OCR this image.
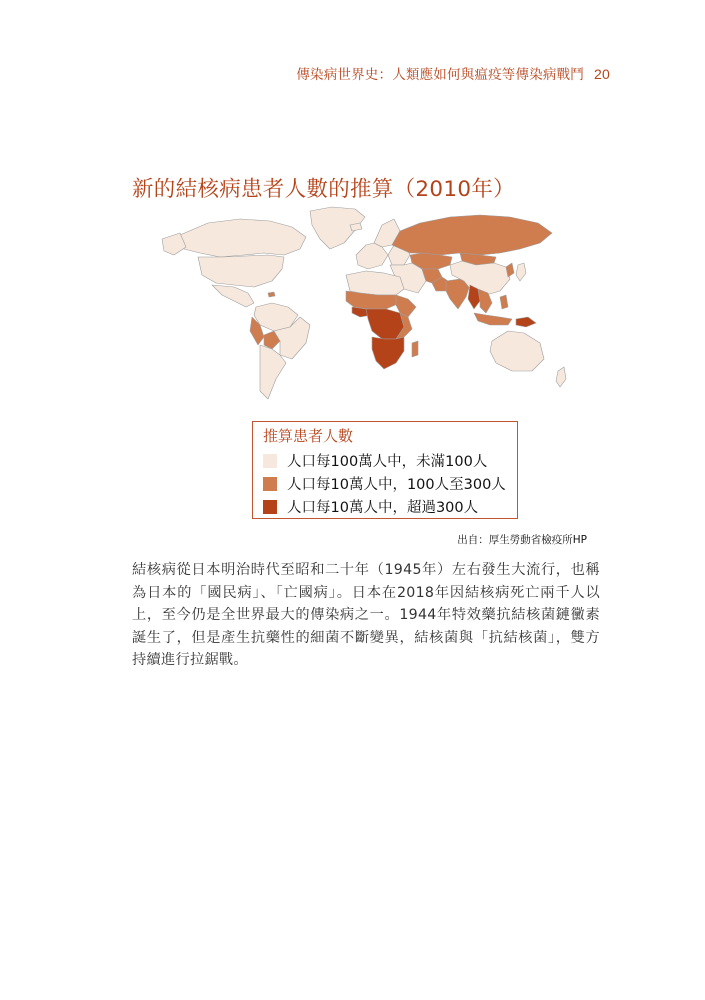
傳染病世界史：人類應如何與瘟疫等傳染病戰鬥 20
新的結核病患者人數的推算（2010年）
推算患者人數
人口每100萬人中，未滿100人
人口每10萬人中，100人至300人
人口每10萬人中，超過300人
出自：厚生勞動省檢疫所HP
結核病從日本明治時代至昭和二十年（1945年）左右發生大流行，也稱為日本的「國民病」、「亡國病」。日本在2018年因結核病死亡兩千人以上，至今仍是全世界最大的傳染病之一。1944年特效藥抗結核菌鏈黴素誕生了，但是產生抗藥性的細菌不斷變異，結核菌與「抗結核菌」，雙方持續進行拉鋸戰。
